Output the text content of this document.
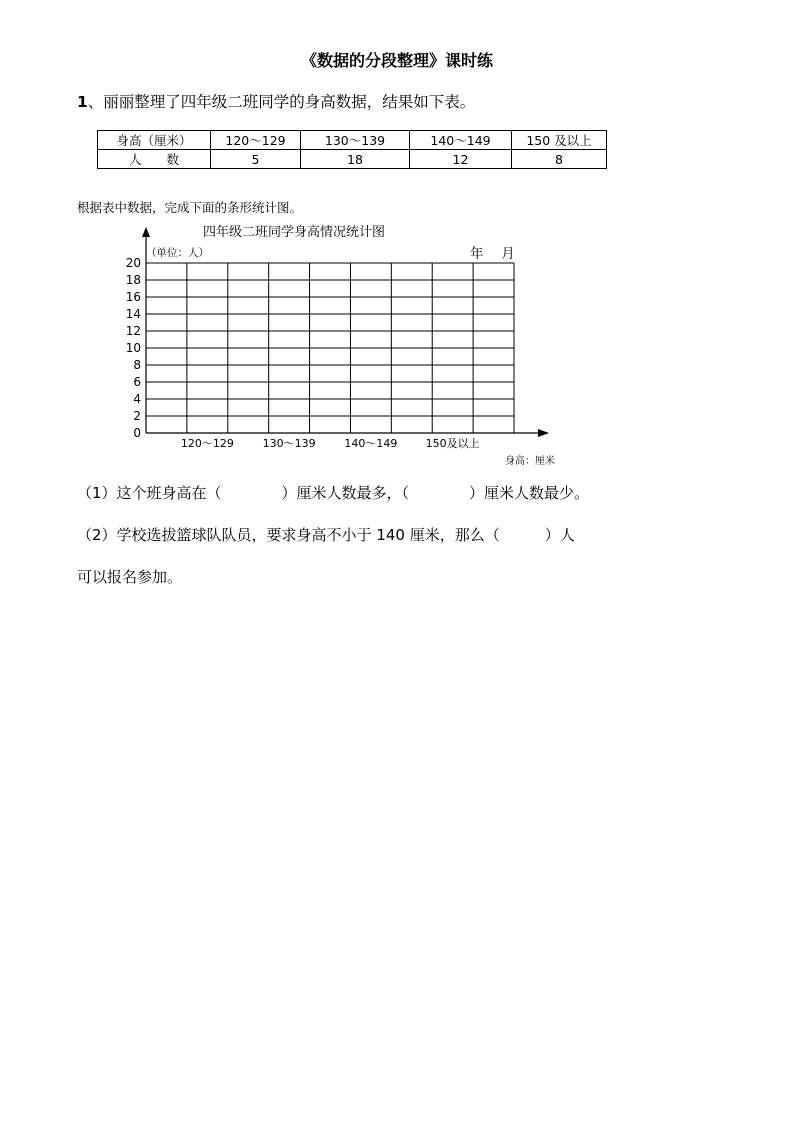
《数据的分段整理》课时练
1、丽丽整理了四年级二班同学的身高数据，结果如下表。
身高（厘米）	120～129	130～139	140～149	150 及以上
人　　数	5	18	12	8
根据表中数据，完成下面的条形统计图。
四年级二班同学身高情况统计图
年　 月
（单位：人）
身高：厘米
0
2
4
6
8
10
12
14
16
18
20
120～129	130～139	140～149	150及以上
（1）这个班身高在（　　　　）厘米人数最多，（　　　　）厘米人数最少。
（2）学校选拔篮球队队员，要求身高不小于 140 厘米，那么（　　　）人
可以报名参加。
